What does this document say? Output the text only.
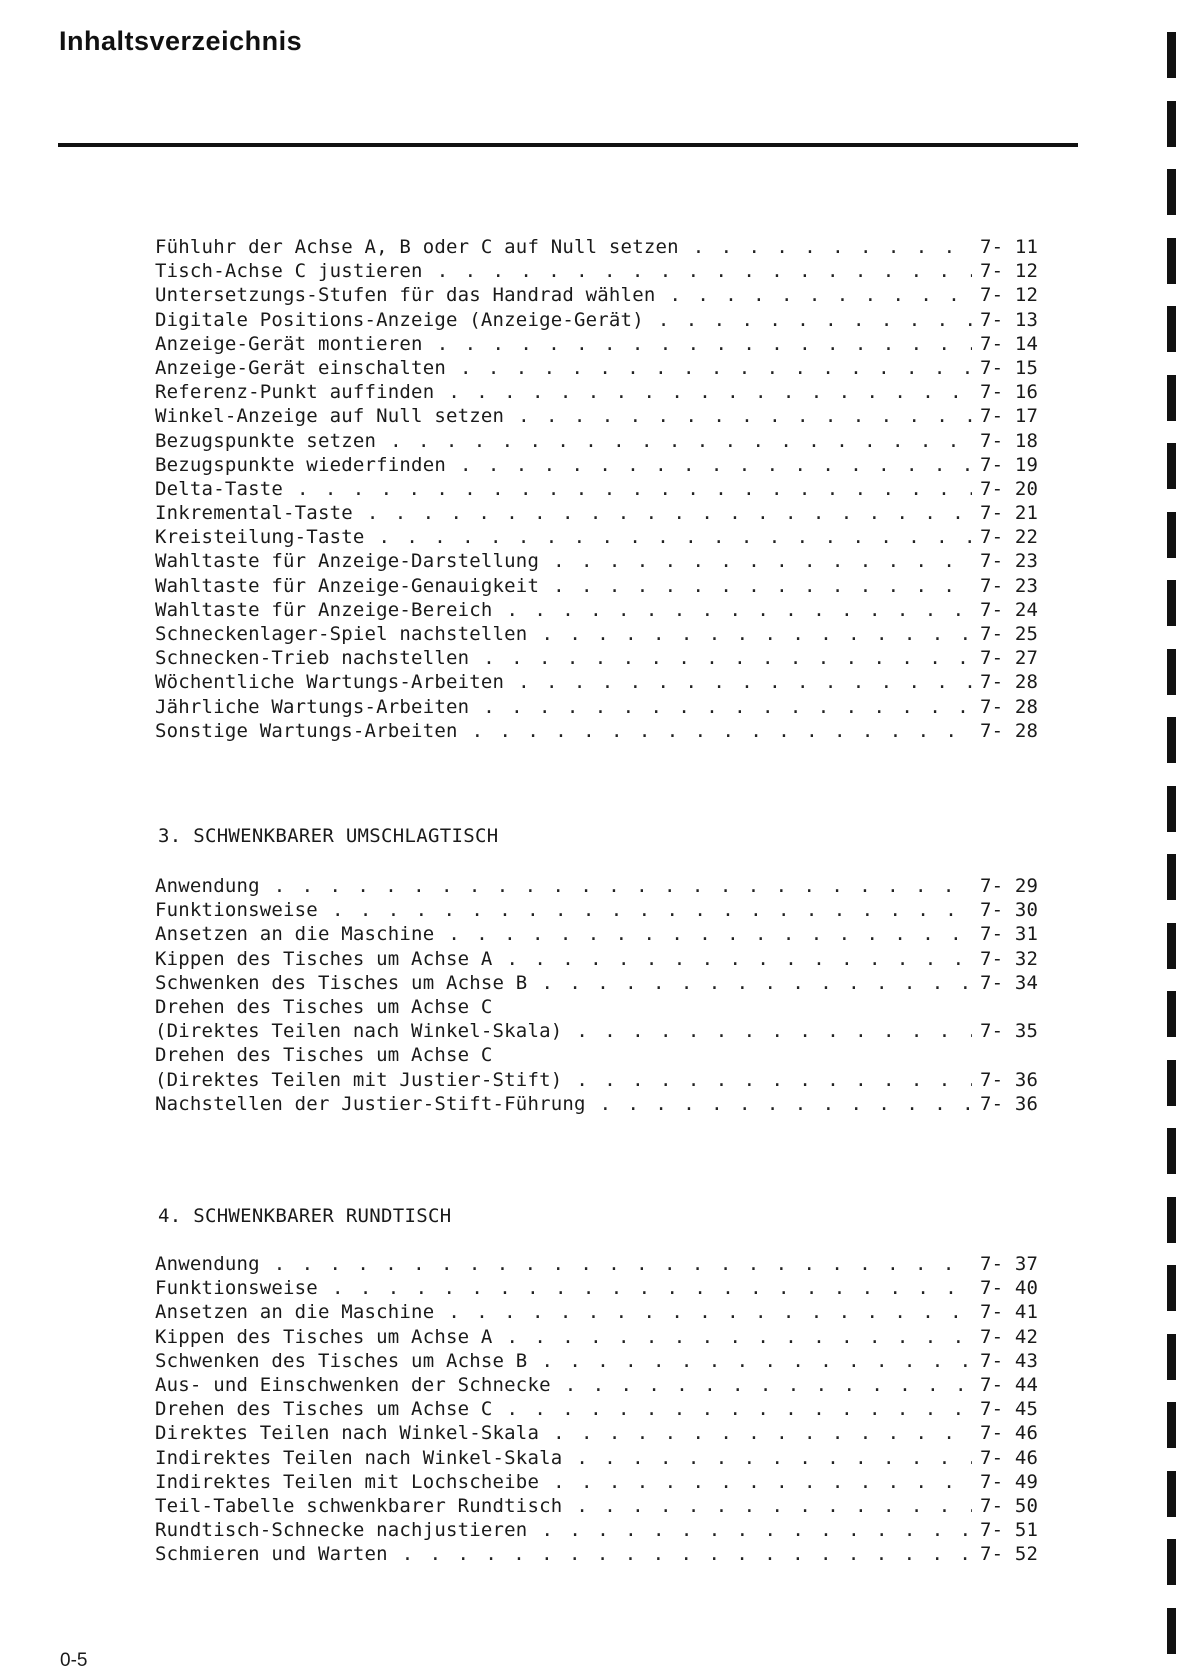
Inhaltsverzeichnis
Fühluhr der Achse A, B oder C auf Null setzen . . .	7- 11
Tisch-Achse C justieren . . .	7- 12
Untersetzungs-Stufen für das Handrad wählen . . .	7- 12
Digitale Positions-Anzeige (Anzeige-Gerät) . . .	7- 13
Anzeige-Gerät montieren . . .	7- 14
Anzeige-Gerät einschalten . . .	7- 15
Referenz-Punkt auffinden . . .	7- 16
Winkel-Anzeige auf Null setzen . . .	7- 17
Bezugspunkte setzen . . .	7- 18
Bezugspunkte wiederfinden . . .	7- 19
Delta-Taste . . .	7- 20
Inkremental-Taste . . .	7- 21
Kreisteilung-Taste . . .	7- 22
Wahltaste für Anzeige-Darstellung . . .	7- 23
Wahltaste für Anzeige-Genauigkeit . . .	7- 23
Wahltaste für Anzeige-Bereich . . .	7- 24
Schneckenlager-Spiel nachstellen . . .	7- 25
Schnecken-Trieb nachstellen . . .	7- 27
Wöchentliche Wartungs-Arbeiten . . .	7- 28
Jährliche Wartungs-Arbeiten . . .	7- 28
Sonstige Wartungs-Arbeiten . . .	7- 28
3. SCHWENKBARER UMSCHLAGTISCH
Anwendung . . .	7- 29
Funktionsweise . . .	7- 30
Ansetzen an die Maschine . . .	7- 31
Kippen des Tisches um Achse A . . .	7- 32
Schwenken des Tisches um Achse B . . .	7- 34
Drehen des Tisches um Achse C
(Direktes Teilen nach Winkel-Skala) . . .	7- 35
Drehen des Tisches um Achse C
(Direktes Teilen mit Justier-Stift) . . .	7- 36
Nachstellen der Justier-Stift-Führung . . .	7- 36
4. SCHWENKBARER RUNDTISCH
Anwendung . . .	7- 37
Funktionsweise . . .	7- 40
Ansetzen an die Maschine . . .	7- 41
Kippen des Tisches um Achse A . . .	7- 42
Schwenken des Tisches um Achse B . . .	7- 43
Aus- und Einschwenken der Schnecke . . .	7- 44
Drehen des Tisches um Achse C . . .	7- 45
Direktes Teilen nach Winkel-Skala . . .	7- 46
Indirektes Teilen nach Winkel-Skala . . .	7- 46
Indirektes Teilen mit Lochscheibe . . .	7- 49
Teil-Tabelle schwenkbarer Rundtisch . . .	7- 50
Rundtisch-Schnecke nachjustieren . . .	7- 51
Schmieren und Warten . . .	7- 52
0-5
